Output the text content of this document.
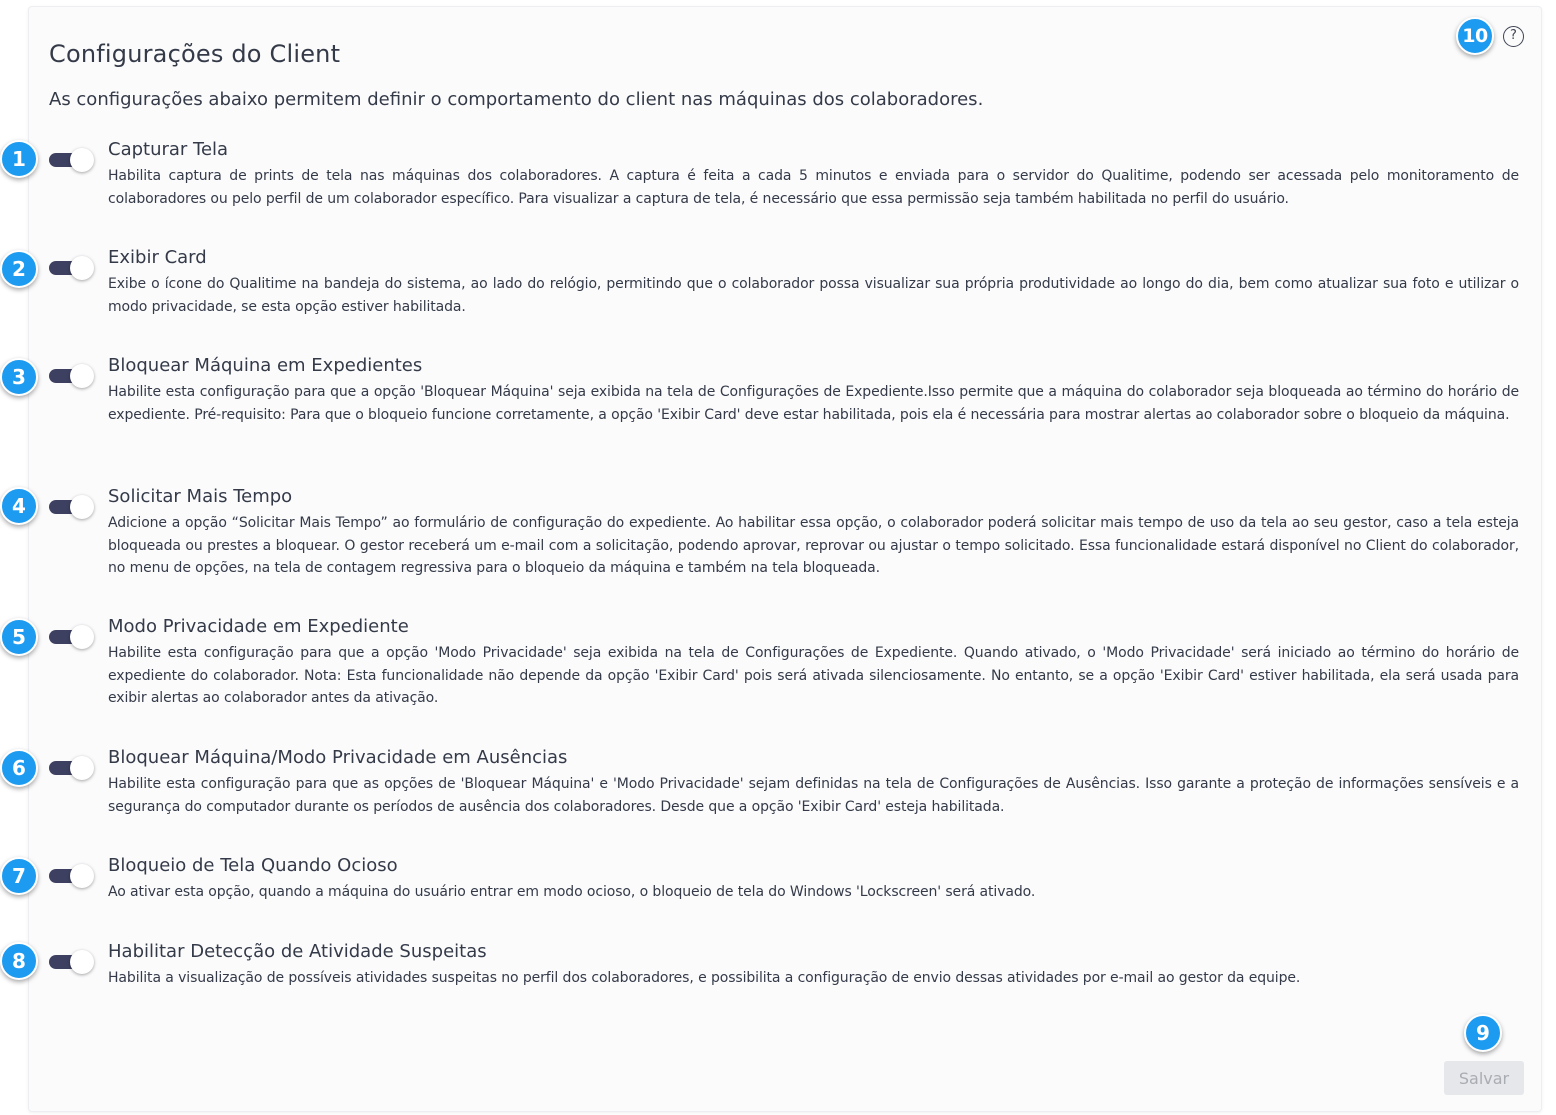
Configurações do Client

As configurações abaixo permitem definir o comportamento do client nas máquinas dos colaboradores.

?
10
1	Capturar Tela
Habilita captura de prints de tela nas máquinas dos colaboradores. A captura é feita a cada 5 minutos e enviada para o servidor do Qualitime, podendo ser acessada pelo monitoramento de colaboradores ou pelo perfil de um colaborador específico. Para visualizar a captura de tela, é necessário que essa permissão seja também habilitada no perfil do usuário.
2	Exibir Card
Exibe o ícone do Qualitime na bandeja do sistema, ao lado do relógio, permitindo que o colaborador possa visualizar sua própria produtividade ao longo do dia, bem como atualizar sua foto e utilizar o modo privacidade, se esta opção estiver habilitada.
3	Bloquear Máquina em Expedientes
Habilite esta configuração para que a opção 'Bloquear Máquina' seja exibida na tela de Configurações de Expediente.Isso permite que a máquina do colaborador seja bloqueada ao término do horário de expediente. Pré-requisito: Para que o bloqueio funcione corretamente, a opção 'Exibir Card' deve estar habilitada, pois ela é necessária para mostrar alertas ao colaborador sobre o bloqueio da máquina.
4	Solicitar Mais Tempo
Adicione a opção “Solicitar Mais Tempo” ao formulário de configuração do expediente. Ao habilitar essa opção, o colaborador poderá solicitar mais tempo de uso da tela ao seu gestor, caso a tela esteja bloqueada ou prestes a bloquear. O gestor receberá um e-mail com a solicitação, podendo aprovar, reprovar ou ajustar o tempo solicitado. Essa funcionalidade estará disponível no Client do colaborador, no menu de opções, na tela de contagem regressiva para o bloqueio da máquina e também na tela bloqueada.
5	Modo Privacidade em Expediente
Habilite esta configuração para que a opção 'Modo Privacidade' seja exibida na tela de Configurações de Expediente. Quando ativado, o 'Modo Privacidade' será iniciado ao término do horário de expediente do colaborador. Nota: Esta funcionalidade não depende da opção 'Exibir Card' pois será ativada silenciosamente. No entanto, se a opção 'Exibir Card' estiver habilitada, ela será usada para exibir alertas ao colaborador antes da ativação.
6	Bloquear Máquina/Modo Privacidade em Ausências
Habilite esta configuração para que as opções de 'Bloquear Máquina' e 'Modo Privacidade' sejam definidas na tela de Configurações de Ausências. Isso garante a proteção de informações sensíveis e a segurança do computador durante os períodos de ausência dos colaboradores. Desde que a opção 'Exibir Card' esteja habilitada.
7	Bloqueio de Tela Quando Ocioso
Ao ativar esta opção, quando a máquina do usuário entrar em modo ocioso, o bloqueio de tela do Windows 'Lockscreen' será ativado.
8	Habilitar Detecção de Atividade Suspeitas
Habilita a visualização de possíveis atividades suspeitas no perfil dos colaboradores, e possibilita a configuração de envio dessas atividades por e-mail ao gestor da equipe.
9
Salvar
